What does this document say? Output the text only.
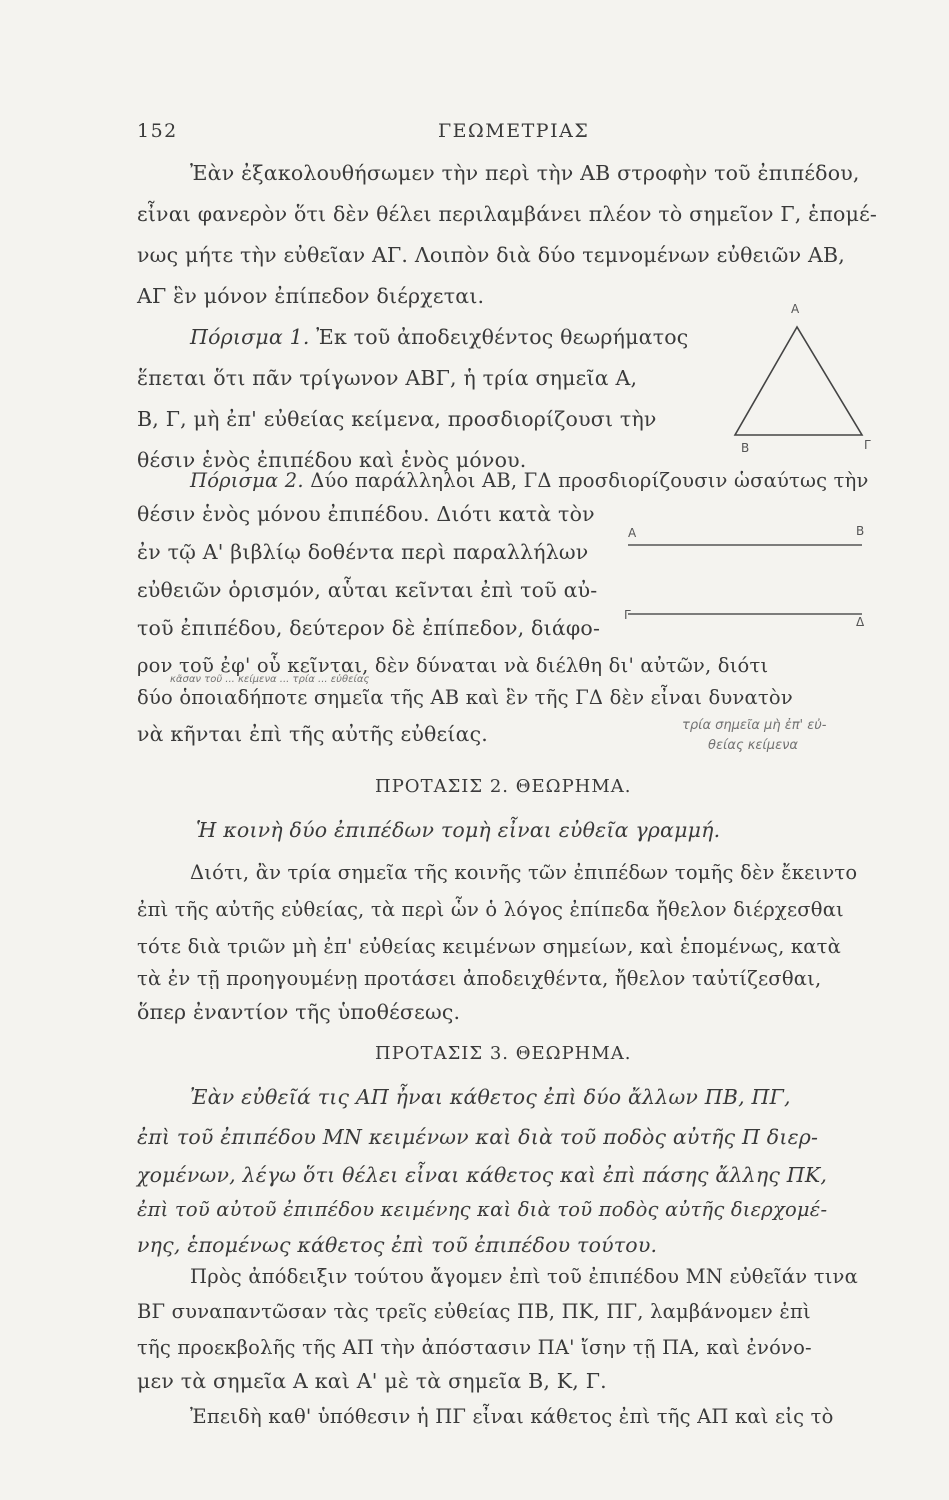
152	ΓΕΩΜΕΤΡΙΑΣ
Ἐὰν ἐξακολουθήσωμεν τὴν περὶ τὴν ΑΒ στροφὴν τοῦ ἐπιπέδου,
εἶναι φανερὸν ὅτι δὲν θέλει περιλαμβάνει πλέον τὸ σημεῖον Γ, ἑπομέ-
νως μήτε τὴν εὐθεῖαν ΑΓ. Λοιπὸν διὰ δύο τεμνομένων εὐθειῶν ΑΒ,
ΑΓ ἓν μόνον ἐπίπεδον διέρχεται.
Πόρισμα 1. Ἐκ τοῦ ἀποδειχθέντος θεωρήματος
ἕπεται ὅτι πᾶν τρίγωνον ΑΒΓ, ἡ τρία σημεῖα Α,
Β, Γ, μὴ ἐπ' εὐθείας κείμενα, προσδιορίζουσι τὴν
θέσιν ἑνὸς ἐπιπέδου καὶ ἑνὸς μόνου.
Α
Β	Γ
Πόρισμα 2. Δύο παράλληλοι ΑΒ, ΓΔ προσδιορίζουσιν ὡσαύτως τὴν
θέσιν ἑνὸς μόνου ἐπιπέδου. Διότι κατὰ τὸν
ἐν τῷ Α' βιβλίῳ δοθέντα περὶ παραλλήλων
εὐθειῶν ὁρισμόν, αὗται κεῖνται ἐπὶ τοῦ αὐ-
τοῦ ἐπιπέδου, δεύτερον δὲ ἐπίπεδον, διάφο-
ρον τοῦ ἐφ' οὗ κεῖνται, δὲν δύναται νὰ διέλθη δι' αὐτῶν, διότι
δύο ὁποιαδήποτε σημεῖα τῆς ΑΒ καὶ ἓν τῆς ΓΔ δὲν εἶναι δυνατὸν
νὰ κῆνται ἐπὶ τῆς αὐτῆς εὐθείας.
Α	Β
Γ	Δ
κᾶσαν τοῦ ... κείμενα ... τρία ... εὐθείας
τρία σημεῖα μὴ ἐπ' εὐ-
θείας κείμενα
ΠΡΟΤΑΣΙΣ 2. ΘΕΩΡΗΜΑ.
Ἡ κοινὴ δύο ἐπιπέδων τομὴ εἶναι εὐθεῖα γραμμή.
Διότι, ἂν τρία σημεῖα τῆς κοινῆς τῶν ἐπιπέδων τομῆς δὲν ἔκειντο
ἐπὶ τῆς αὐτῆς εὐθείας, τὰ περὶ ὧν ὁ λόγος ἐπίπεδα ἤθελον διέρχεσθαι
τότε διὰ τριῶν μὴ ἐπ' εὐθείας κειμένων σημείων, καὶ ἑπομένως, κατὰ
τὰ ἐν τῇ προηγουμένῃ προτάσει ἀποδειχθέντα, ἤθελον ταὐτίζεσθαι,
ὅπερ ἐναντίον τῆς ὑποθέσεως.
ΠΡΟΤΑΣΙΣ 3. ΘΕΩΡΗΜΑ.
Ἐὰν εὐθεῖά τις ΑΠ ἦναι κάθετος ἐπὶ δύο ἄλλων ΠΒ, ΠΓ,
ἐπὶ τοῦ ἐπιπέδου ΜΝ κειμένων καὶ διὰ τοῦ ποδὸς αὐτῆς Π διερ-
χομένων, λέγω ὅτι θέλει εἶναι κάθετος καὶ ἐπὶ πάσης ἄλλης ΠΚ,
ἐπὶ τοῦ αὐτοῦ ἐπιπέδου κειμένης καὶ διὰ τοῦ ποδὸς αὐτῆς διερχομέ-
νης, ἑπομένως κάθετος ἐπὶ τοῦ ἐπιπέδου τούτου.
Πρὸς ἀπόδειξιν τούτου ἄγομεν ἐπὶ τοῦ ἐπιπέδου ΜΝ εὐθεῖάν τινα
ΒΓ συναπαντῶσαν τὰς τρεῖς εὐθείας ΠΒ, ΠΚ, ΠΓ, λαμβάνομεν ἐπὶ
τῆς προεκβολῆς τῆς ΑΠ τὴν ἀπόστασιν ΠΑ' ἴσην τῇ ΠΑ, καὶ ἐνόνο-
μεν τὰ σημεῖα Α καὶ Α' μὲ τὰ σημεῖα Β, Κ, Γ.
Ἐπειδὴ καθ' ὑπόθεσιν ἡ ΠΓ εἶναι κάθετος ἐπὶ τῆς ΑΠ καὶ εἰς τὸ
